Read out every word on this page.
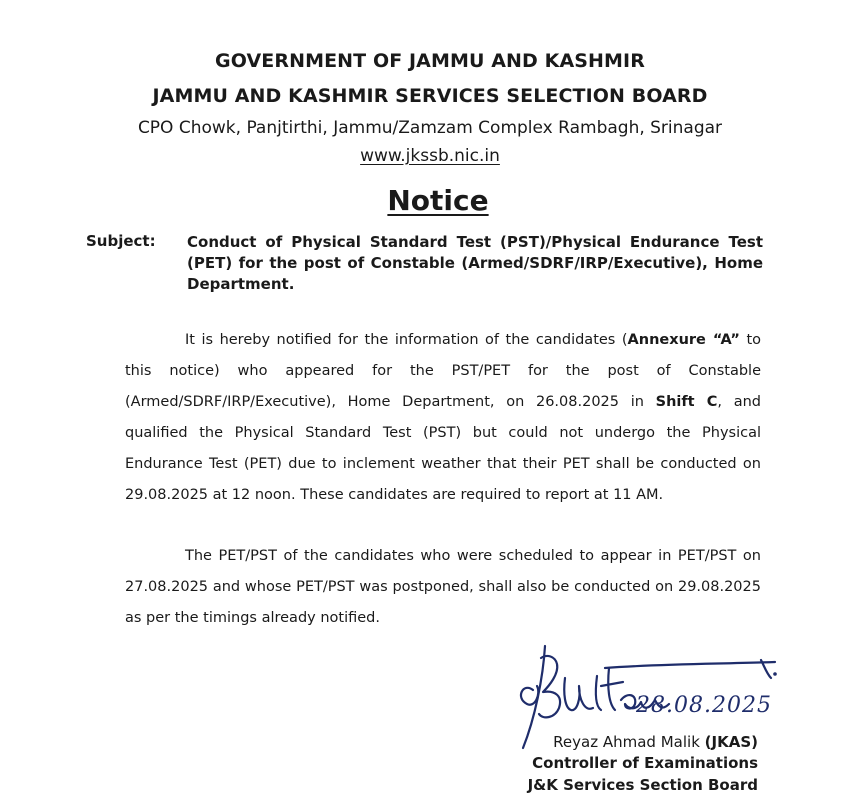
GOVERNMENT OF JAMMU AND KASHMIR
JAMMU AND KASHMIR SERVICES SELECTION BOARD
CPO Chowk, Panjtirthi, Jammu/Zamzam Complex Rambagh, Srinagar
www.jkssb.nic.in
Notice
Subject: Conduct of Physical Standard Test (PST)/Physical Endurance Test (PET) for the post of Constable (Armed/SDRF/IRP/Executive), Home Department.
It is hereby notified for the information of the candidates (Annexure “A” to this notice) who appeared for the PST/PET for the post of Constable (Armed/SDRF/IRP/Executive), Home Department, on 26.08.2025 in Shift C, and qualified the Physical Standard Test (PST) but could not undergo the Physical Endurance Test (PET) due to inclement weather that their PET shall be conducted on 29.08.2025 at 12 noon. These candidates are required to report at 11 AM.
The PET/PST of the candidates who were scheduled to appear in PET/PST on 27.08.2025 and whose PET/PST was postponed, shall also be conducted on 29.08.2025 as per the timings already notified.
28.08.2025
Reyaz Ahmad Malik (JKAS)
Controller of Examinations
J&K Services Section Board
